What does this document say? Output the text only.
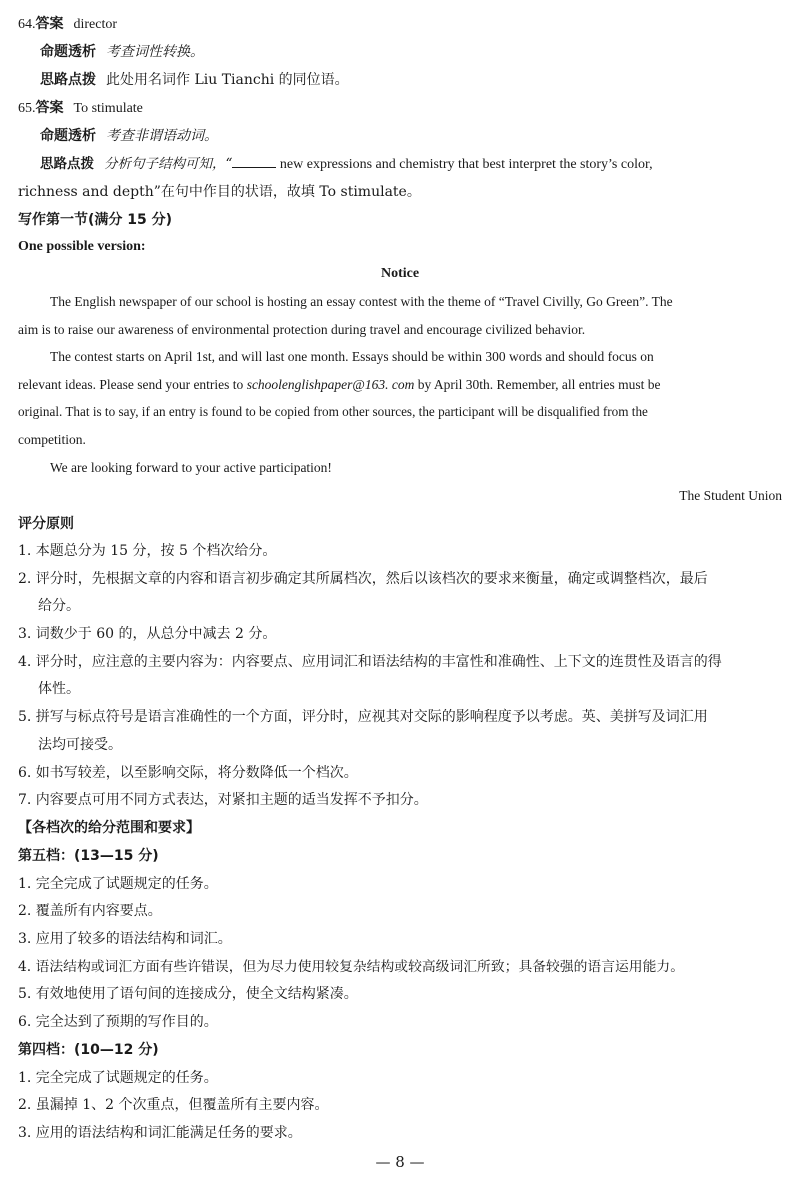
64.答案 director
命题透析 考查词性转换。
思路点拨 此处用名词作 Liu Tianchi 的同位语。
65.答案 To stimulate
命题透析 考查非谓语动词。
思路点拨 分析句子结构可知，“	new expressions and chemistry that best interpret the story’s color,
richness and depth”在句中作目的状语，故填 To stimulate。
写作第一节(满分 15 分)
One possible version:
Notice
The English newspaper of our school is hosting an essay contest with the theme of “Travel Civilly, Go Green”. The
aim is to raise our awareness of environmental protection during travel and encourage civilized behavior.
The contest starts on April 1st, and will last one month. Essays should be within 300 words and should focus on
relevant ideas. Please send your entries to schoolenglishpaper@163. com by April 30th. Remember, all entries must be
original. That is to say, if an entry is found to be copied from other sources, the participant will be disqualified from the
competition.
We are looking forward to your active participation!
The Student Union
评分原则
1. 本题总分为 15 分，按 5 个档次给分。
2. 评分时，先根据文章的内容和语言初步确定其所属档次，然后以该档次的要求来衡量，确定或调整档次，最后
给分。
3. 词数少于 60 的，从总分中减去 2 分。
4. 评分时，应注意的主要内容为：内容要点、应用词汇和语法结构的丰富性和准确性、上下文的连贯性及语言的得
体性。
5. 拼写与标点符号是语言准确性的一个方面，评分时，应视其对交际的影响程度予以考虑。英、美拼写及词汇用
法均可接受。
6. 如书写较差，以至影响交际，将分数降低一个档次。
7. 内容要点可用不同方式表达，对紧扣主题的适当发挥不予扣分。
【各档次的给分范围和要求】
第五档：(13—15 分)
1. 完全完成了试题规定的任务。
2. 覆盖所有内容要点。
3. 应用了较多的语法结构和词汇。
4. 语法结构或词汇方面有些许错误，但为尽力使用较复杂结构或较高级词汇所致；具备较强的语言运用能力。
5. 有效地使用了语句间的连接成分，使全文结构紧凑。
6. 完全达到了预期的写作目的。
第四档：(10—12 分)
1. 完全完成了试题规定的任务。
2. 虽漏掉 1、2 个次重点，但覆盖所有主要内容。
3. 应用的语法结构和词汇能满足任务的要求。
— 8 —
